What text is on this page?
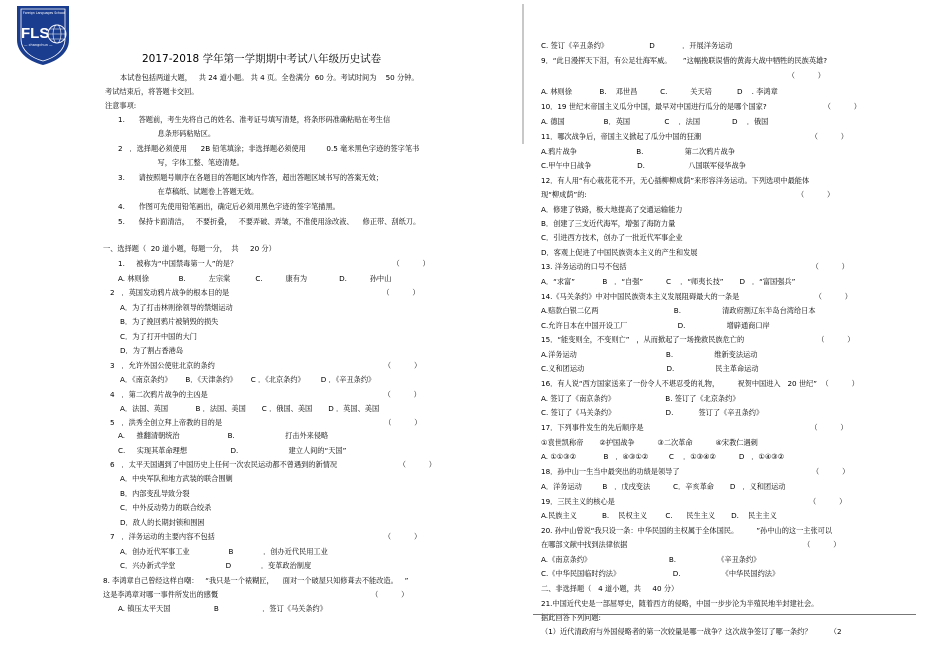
Foreign Languages School
FLS
— changchun —
2017-2018 学年第一学期期中考试八年级历史试卷
本试卷包括两道大题，   共 24 道小题。 共 4 页。全卷满分  60 分。考试时间为    50 分钟。
考试结束后，将答题卡交回。
注意事项:
1.      答题前，考生先将自己的姓名、准考证号填写清楚，将条形码准确粘贴在考生信
息条形码粘贴区。
2   ．选择题必须使用      2B 铅笔填涂；非选择题必须使用         0.5 毫米黑色字迹的签字笔书
写，字体工整、笔迹清楚。
3.      请按照题号顺序在各题目的答题区域内作答，超出答题区域书写的答案无效；
在草稿纸、试题卷上答题无效。
4.      作图可先使用铅笔画出，确定后必须用黑色字迹的签字笔描黑。
5.      保持卡面清洁，   不要折叠，   不要弄破、弄皱，不准使用涂改液、    修正带、刮纸刀。
一、选择题（  20 道小题，每题一分，  共     20 分）
1.     被称为“中国禁毒第一人”的是？                                                                    （          ）
A. 林则徐             B.          左宗棠           C.          康有为              D.          孙中山
2   ．英国发动鸦片战争的根本目的是                                                                   （          ）
A．为了打击林则徐领导的禁烟运动
B．为了挽回鸦片被销毁的损失
C．为了打开中国的大门
D．为了割占香港岛
3   ．允许外国公使驻北京的条约                                                                          （          ）
A．《南京条约》      B．《天津条约》      C ．《北京条约》       D ．《辛丑条约》
4   ．第二次鸦片战争的主凶是                                                                             （          ）
A．法国、英国            B ．法国、美国       C ．俄国、美国       D ．英国、美国
5   ．洪秀全创立拜上帝教的目的是                                                                       （          ）
A.     推翻清朝统治                     B.                      打击外来侵略
C.     实现其革命理想                   D.                      建立人间的“天国”
6   ．太平天国遇到了中国历史上任何一次农民运动都不曾遇到的新情况                           （          ）
A．中央军队和地方武装的联合围剿
B．内部变乱导致分裂
C．中外反动势力的联合绞杀
D．敌人的长期封锁和围困
7   ．洋务运动的主要内容不包括                                                                          （          ）
A．创办近代军事工业                 B             ．创办近代民用工业
C．兴办新式学堂                      D             ．变革政治制度
8. 李鸿章自己曾经这样自嘲：   “我只是一个裱糊匠，    面对一个破屋只知修葺去不能改造。   ”
这是李鸿章对哪一事件所发出的感慨                                                                   （          ）
A. 镇压太平天国                   B                   ．签订《马关条约》
C. 签订《辛丑条约》                  D            ．开展洋务运动
9．“此日漫挥天下泪，有公足壮海军威。     ”这幅挽联误惜的黄海大战中牺牲的民族英雄?
（          ）
A. 林则徐            B.    邓世昌          C.          关天培           D    . 李鸿章
10．19 世纪末帝国主义瓜分中国，最早对中国进行瓜分的是哪个国家?                         （          ）
A. 德国                 B．英国               C    ．法国              D    ．俄国
11．哪次战争后，帝国主义掀起了瓜分中国的狂潮                                                （          ）
A.鸦片战争                          B.                  第二次鸦片战争
C.甲午中日战争                    D.                   八国联军侵华战争
12．有人用“有心栽花花不开，无心插柳柳成荫”来形容洋务运动。下列选项中最能体
现“柳成荫”的:                                                                                            （          ）
A．修建了铁路，极大地提高了交通运输能力
B．创建了三支近代海军，增强了海防力量
C．引进西方技术，创办了一批近代军事企业
D．客观上促进了中国民族资本主义的产生和发展
13. 洋务运动的口号不包括                                                                                 （          ）
A．“求富”            B   ．“自强”          C    ．“师夷长技”       D   ．“富国强兵”
14.《马关条约》中对中国民族资本主义发展阻碍最大的一条是                                 （          ）
A.赔款白银二亿两                                 B.                  清政府割辽东半岛台湾给日本
C.允许日本在中国开设工厂                      D.                  增辟通商口岸
15．“能变则全，不变则亡”   ，从而掀起了一场挽救民族危亡的                                （          ）
A.洋务运动                                       B.                  维新变法运动
C.义和团运动                                    D.                  民主革命运动
16．有人说“西方国家送来了一份令人不堪忍受的礼物，        祝贺中国进入   20 世纪”  （          ）
A. 签订了《南京条约》                      B. 签订了《北京条约》
C. 签订了《马关条约》                      D.           签订了《辛丑条约》
17．下列事件发生的先后顺序是                                                                         （          ）
①袁世凯称帝       ②护国战争          ③二次革命          ④宋教仁遇刺
A. ①①③②            B   ．④③①②         C    ．①③④②          D   ．①④③②
18．孙中山一生当中最突出的功绩是领导了                                                          （          ）
A．洋务运动         B   ．戊戌变法          C．辛亥革命       D   ．义和团运动
19．三民主义的核心是                                                                                     （          ）
A.民族主义           B.    民权主义        C.      民生主义       D.    民主主义
20. 孙中山曾说“我只设一条：中华民国的主权属于全体国民。        ”孙中山的这一主张可以
在哪部文献中找到法律依据                                                                             （          ）
A.《南京条约》                                  B.                  《辛丑条约》
C.《中华民国临时约法》                       D.                  《中华民国约法》
二、非选择题（   4 道小题，共     40 分）
21.中国近代史是一部屈辱史，随着西方的侵略，中国一步步沦为半殖民地半封建社会。
据此回答下列问题:
（1）近代清政府与外国侵略者的第一次较量是哪一战争？这次战争签订了哪一条约？        （2
